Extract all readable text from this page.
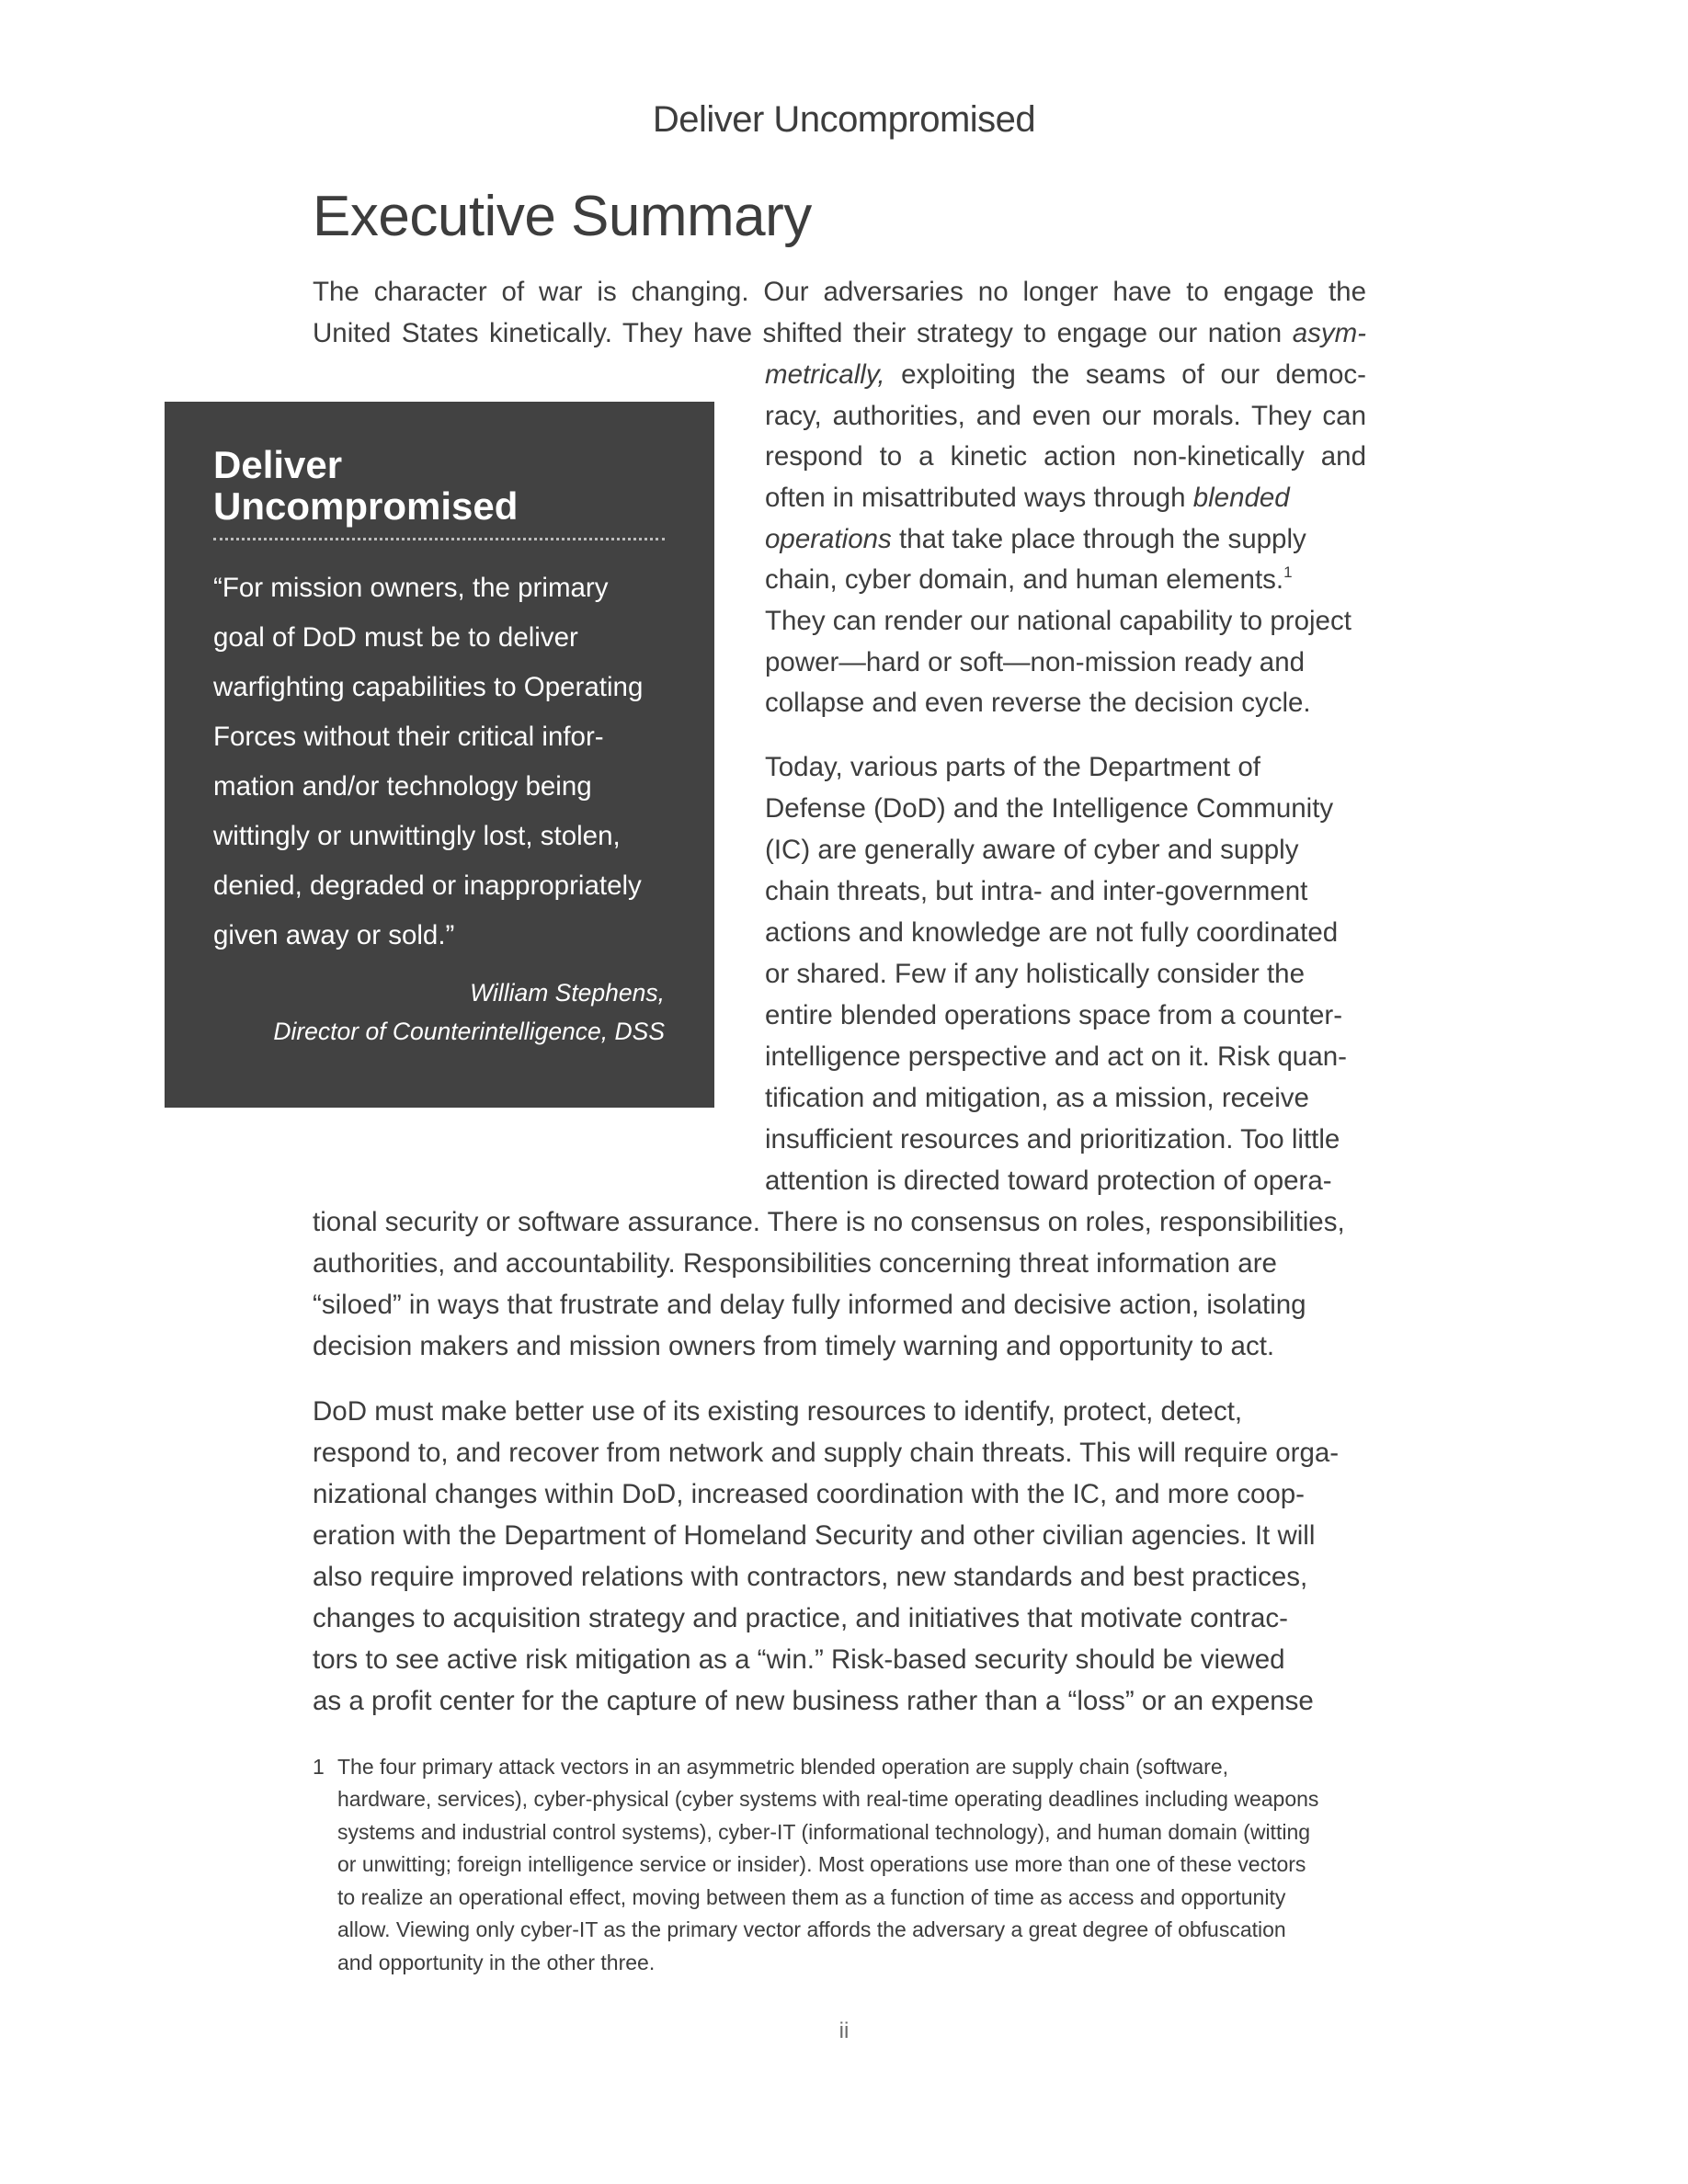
Deliver Uncompromised
Executive Summary
The character of war is changing. Our adversaries no longer have to engage the
United States kinetically. They have shifted their strategy to engage our nation asym-
metrically, exploiting the seams of our democ-
racy, authorities, and even our morals. They can
respond to a kinetic action non-kinetically and
often in misattributed ways through blended
operations that take place through the supply
chain, cyber domain, and human elements.$^1$
They can render our national capability to project
power—hard or soft—non-mission ready and
collapse and even reverse the decision cycle.
Today, various parts of the Department of
Defense (DoD) and the Intelligence Community
(IC) are generally aware of cyber and supply
chain threats, but intra- and inter-government
actions and knowledge are not fully coordinated
or shared. Few if any holistically consider the
entire blended operations space from a counter-
intelligence perspective and act on it. Risk quan-
tification and mitigation, as a mission, receive
insufficient resources and prioritization. Too little
attention is directed toward protection of opera-
tional security or software assurance. There is no consensus on roles, responsibilities,
authorities, and accountability. Responsibilities concerning threat information are
“siloed” in ways that frustrate and delay fully informed and decisive action, isolating
decision makers and mission owners from timely warning and opportunity to act.
DoD must make better use of its existing resources to identify, protect, detect,
respond to, and recover from network and supply chain threats. This will require orga-
nizational changes within DoD, increased coordination with the IC, and more coop-
eration with the Department of Homeland Security and other civilian agencies. It will
also require improved relations with contractors, new standards and best practices,
changes to acquisition strategy and practice, and initiatives that motivate contrac-
tors to see active risk mitigation as a “win.” Risk-based security should be viewed
as a profit center for the capture of new business rather than a “loss” or an expense
Deliver
Uncompromised
“For mission owners, the primary
goal of DoD must be to deliver
warfighting capabilities to Operating
Forces without their critical infor-
mation and/or technology being
wittingly or unwittingly lost, stolen,
denied, degraded or inappropriately
given away or sold.”
William Stephens,
Director of Counterintelligence, DSS
1 The four primary attack vectors in an asymmetric blended operation are supply chain (software,
hardware, services), cyber-physical (cyber systems with real-time operating deadlines including weapons
systems and industrial control systems), cyber-IT (informational technology), and human domain (witting
or unwitting; foreign intelligence service or insider). Most operations use more than one of these vectors
to realize an operational effect, moving between them as a function of time as access and opportunity
allow. Viewing only cyber-IT as the primary vector affords the adversary a great degree of obfuscation
and opportunity in the other three.
ii
